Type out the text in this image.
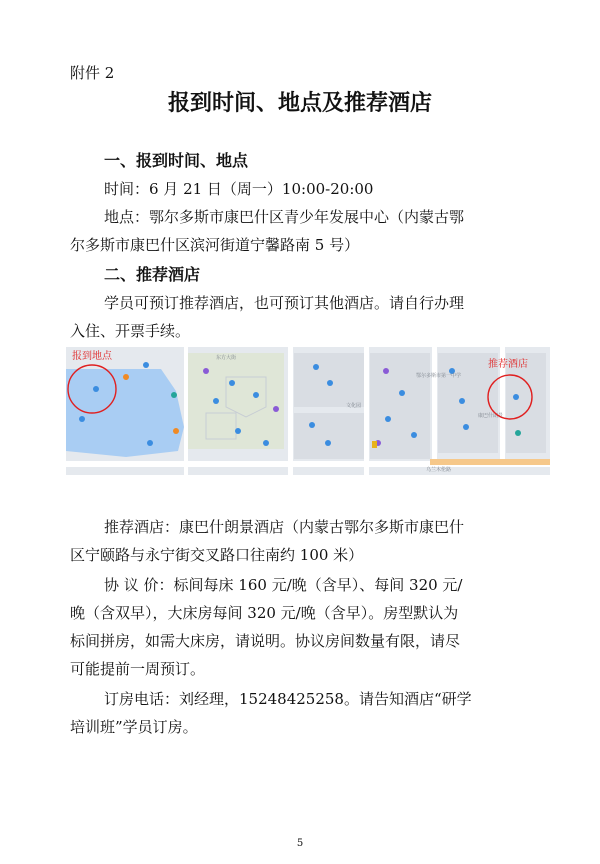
附件 2
报到时间、地点及推荐酒店
一、报到时间、地点
时间：6 月 21 日（周一）10:00-20:00
地点：鄂尔多斯市康巴什区青少年发展中心（内蒙古鄂
尔多斯市康巴什区滨河街道宁馨路南 5 号）
二、推荐酒店
学员可预订推荐酒店，也可预订其他酒店。请自行办理
入住、开票手续。
东方大街
乌兰木伦路
文化园
康巴什朗景
鄂尔多斯市第一中学
报到地点
推荐酒店
推荐酒店：康巴什朗景酒店（内蒙古鄂尔多斯市康巴什
区宁颐路与永宁街交叉路口往南约 100 米）
协 议 价：标间每床 160 元/晚（含早）、每间 320 元/
晚（含双早），大床房每间 320 元/晚（含早）。房型默认为
标间拼房，如需大床房，请说明。协议房间数量有限，请尽
可能提前一周预订。
订房电话：刘经理，15248425258。请告知酒店“研学
培训班”学员订房。
5
